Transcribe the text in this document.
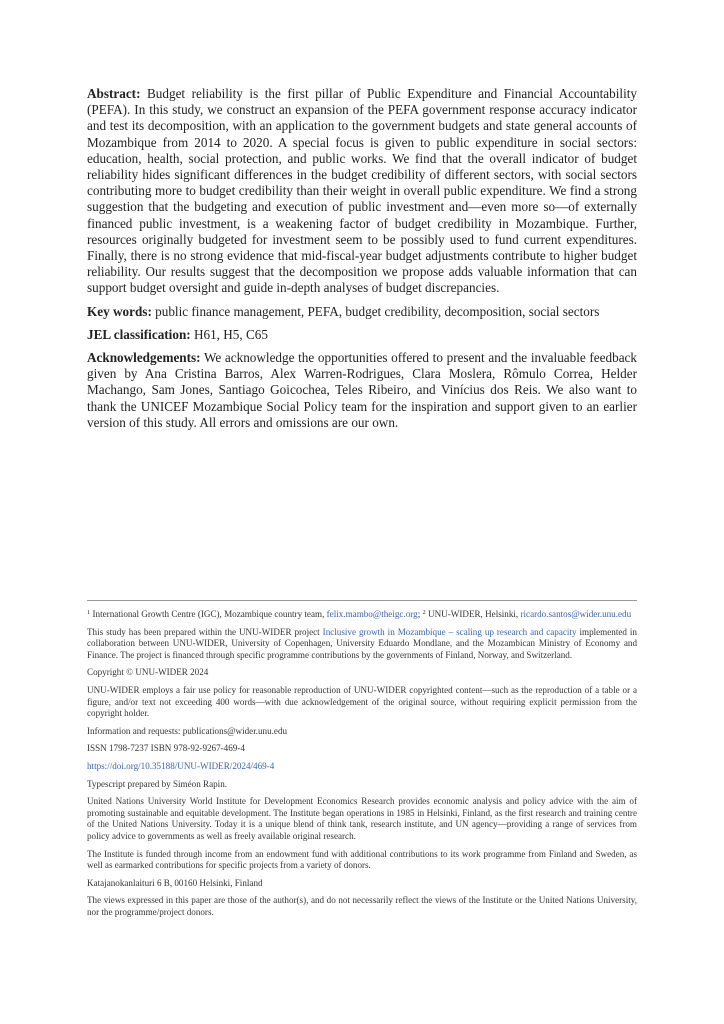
Abstract: Budget reliability is the first pillar of Public Expenditure and Financial Accountability (PEFA). In this study, we construct an expansion of the PEFA government response accuracy indicator and test its decomposition, with an application to the government budgets and state general accounts of Mozambique from 2014 to 2020. A special focus is given to public expenditure in social sectors: education, health, social protection, and public works. We find that the overall indicator of budget reliability hides significant differences in the budget credibility of different sectors, with social sectors contributing more to budget credibility than their weight in overall public expenditure. We find a strong suggestion that the budgeting and execution of public investment and—even more so—of externally financed public investment, is a weakening factor of budget credibility in Mozambique. Further, resources originally budgeted for investment seem to be possibly used to fund current expenditures. Finally, there is no strong evidence that mid-fiscal-year budget adjustments contribute to higher budget reliability. Our results suggest that the decomposition we propose adds valuable information that can support budget oversight and guide in-depth analyses of budget discrepancies.

Key words: public finance management, PEFA, budget credibility, decomposition, social sectors

JEL classification: H61, H5, C65

Acknowledgements: We acknowledge the opportunities offered to present and the invaluable feedback given by Ana Cristina Barros, Alex Warren-Rodrigues, Clara Moslera, Rômulo Correa, Helder Machango, Sam Jones, Santiago Goicochea, Teles Ribeiro, and Vinícius dos Reis. We also want to thank the UNICEF Mozambique Social Policy team for the inspiration and support given to an earlier version of this study. All errors and omissions are our own.

$^1$ International Growth Centre (IGC), Mozambique country team, felix.mambo@theigc.org; $^2$ UNU-WIDER, Helsinki, ricardo.santos@wider.unu.edu

This study has been prepared within the UNU-WIDER project Inclusive growth in Mozambique – scaling up research and capacity implemented in collaboration between UNU-WIDER, University of Copenhagen, University Eduardo Mondlane, and the Mozambican Ministry of Economy and Finance. The project is financed through specific programme contributions by the governments of Finland, Norway, and Switzerland.

Copyright © UNU-WIDER 2024

UNU-WIDER employs a fair use policy for reasonable reproduction of UNU-WIDER copyrighted content—such as the reproduction of a table or a figure, and/or text not exceeding 400 words—with due acknowledgement of the original source, without requiring explicit permission from the copyright holder.

Information and requests: publications@wider.unu.edu

ISSN 1798-7237 ISBN 978-92-9267-469-4

https://doi.org/10.35188/UNU-WIDER/2024/469-4

Typescript prepared by Siméon Rapin.

United Nations University World Institute for Development Economics Research provides economic analysis and policy advice with the aim of promoting sustainable and equitable development. The Institute began operations in 1985 in Helsinki, Finland, as the first research and training centre of the United Nations University. Today it is a unique blend of think tank, research institute, and UN agency—providing a range of services from policy advice to governments as well as freely available original research.

The Institute is funded through income from an endowment fund with additional contributions to its work programme from Finland and Sweden, as well as earmarked contributions for specific projects from a variety of donors.

Katajanokanlaituri 6 B, 00160 Helsinki, Finland

The views expressed in this paper are those of the author(s), and do not necessarily reflect the views of the Institute or the United Nations University, nor the programme/project donors.
